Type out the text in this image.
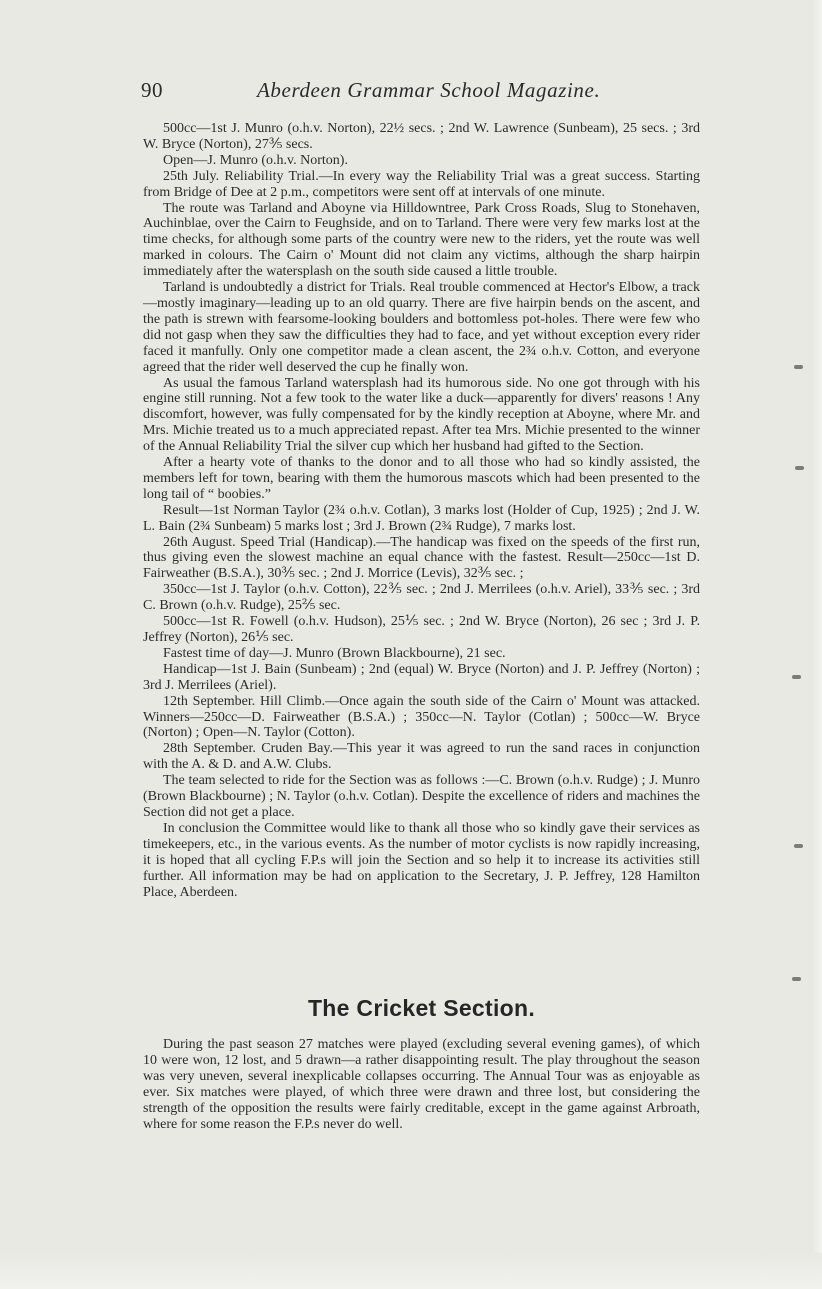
90	Aberdeen Grammar School Magazine.

500cc—1st J. Munro (o.h.v. Norton), 22½ secs. ; 2nd W. Lawrence (Sunbeam), 25 secs. ; 3rd W. Bryce (Norton), 27⅗ secs.

Open—J. Munro (o.h.v. Norton).

25th July. Reliability Trial.—In every way the Reliability Trial was a great success. Starting from Bridge of Dee at 2 p.m., competitors were sent off at intervals of one minute.

The route was Tarland and Aboyne via Hilldowntree, Park Cross Roads, Slug to Stonehaven, Auchinblae, over the Cairn to Feughside, and on to Tarland. There were very few marks lost at the time checks, for although some parts of the country were new to the riders, yet the route was well marked in colours. The Cairn o' Mount did not claim any victims, although the sharp hairpin immediately after the watersplash on the south side caused a little trouble.

Tarland is undoubtedly a district for Trials. Real trouble commenced at Hector's Elbow, a track—mostly imaginary—leading up to an old quarry. There are five hairpin bends on the ascent, and the path is strewn with fearsome-looking boulders and bottomless pot-holes. There were few who did not gasp when they saw the difficulties they had to face, and yet without exception every rider faced it manfully. Only one competitor made a clean ascent, the 2¾ o.h.v. Cotton, and everyone agreed that the rider well deserved the cup he finally won.

As usual the famous Tarland watersplash had its humorous side. No one got through with his engine still running. Not a few took to the water like a duck—apparently for divers' reasons ! Any discomfort, however, was fully compensated for by the kindly reception at Aboyne, where Mr. and Mrs. Michie treated us to a much appreciated repast. After tea Mrs. Michie presented to the winner of the Annual Reliability Trial the silver cup which her husband had gifted to the Section.

After a hearty vote of thanks to the donor and to all those who had so kindly assisted, the members left for town, bearing with them the humorous mascots which had been presented to the long tail of “ boobies.”

Result—1st Norman Taylor (2¾ o.h.v. Cotlan), 3 marks lost (Holder of Cup, 1925) ; 2nd J. W. L. Bain (2¾ Sunbeam) 5 marks lost ; 3rd J. Brown (2¾ Rudge), 7 marks lost.

26th August. Speed Trial (Handicap).—The handicap was fixed on the speeds of the first run, thus giving even the slowest machine an equal chance with the fastest. Result—250cc—1st D. Fairweather (B.S.A.), 30⅗ sec. ; 2nd J. Morrice (Levis), 32⅗ sec. ;

350cc—1st J. Taylor (o.h.v. Cotton), 22⅗ sec. ; 2nd J. Merrilees (o.h.v. Ariel), 33⅗ sec. ; 3rd C. Brown (o.h.v. Rudge), 25⅖ sec.

500cc—1st R. Fowell (o.h.v. Hudson), 25⅕ sec. ; 2nd W. Bryce (Norton), 26 sec ; 3rd J. P. Jeffrey (Norton), 26⅕ sec.

Fastest time of day—J. Munro (Brown Blackbourne), 21 sec.

Handicap—1st J. Bain (Sunbeam) ; 2nd (equal) W. Bryce (Norton) and J. P. Jeffrey (Norton) ; 3rd J. Merrilees (Ariel).

12th September. Hill Climb.—Once again the south side of the Cairn o' Mount was attacked. Winners—250cc—D. Fairweather (B.S.A.) ; 350cc—N. Taylor (Cotlan) ; 500cc—W. Bryce (Norton) ; Open—N. Taylor (Cotton).

28th September. Cruden Bay.—This year it was agreed to run the sand races in conjunction with the A. & D. and A.W. Clubs.

The team selected to ride for the Section was as follows :—C. Brown (o.h.v. Rudge) ; J. Munro (Brown Blackbourne) ; N. Taylor (o.h.v. Cotlan). Despite the excellence of riders and machines the Section did not get a place.

In conclusion the Committee would like to thank all those who so kindly gave their services as timekeepers, etc., in the various events. As the number of motor cyclists is now rapidly increasing, it is hoped that all cycling F.P.s will join the Section and so help it to increase its activities still further. All information may be had on application to the Secretary, J. P. Jeffrey, 128 Hamilton Place, Aberdeen.

The Cricket Section.

During the past season 27 matches were played (excluding several evening games), of which 10 were won, 12 lost, and 5 drawn—a rather disappointing result. The play throughout the season was very uneven, several inexplicable collapses occurring. The Annual Tour was as enjoyable as ever. Six matches were played, of which three were drawn and three lost, but considering the strength of the opposition the results were fairly creditable, except in the game against Arbroath, where for some reason the F.P.s never do well.
